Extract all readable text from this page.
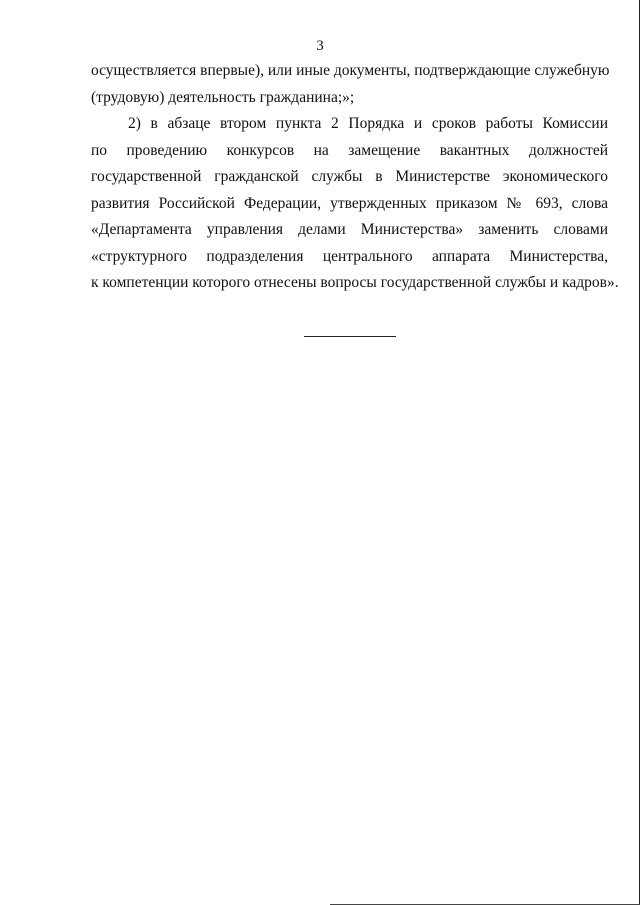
3
осуществляется впервые), или иные документы, подтверждающие служебную
(трудовую) деятельность гражданина;»;
2) в абзаце втором пункта 2 Порядка и сроков работы Комиссии
по проведению конкурсов на замещение вакантных должностей
государственной гражданской службы в Министерстве экономического
развития Российской Федерации, утвержденных приказом № 693, слова
«Департамента управления делами Министерства» заменить словами
«структурного подразделения центрального аппарата Министерства,
к компетенции которого отнесены вопросы государственной службы и кадров».
